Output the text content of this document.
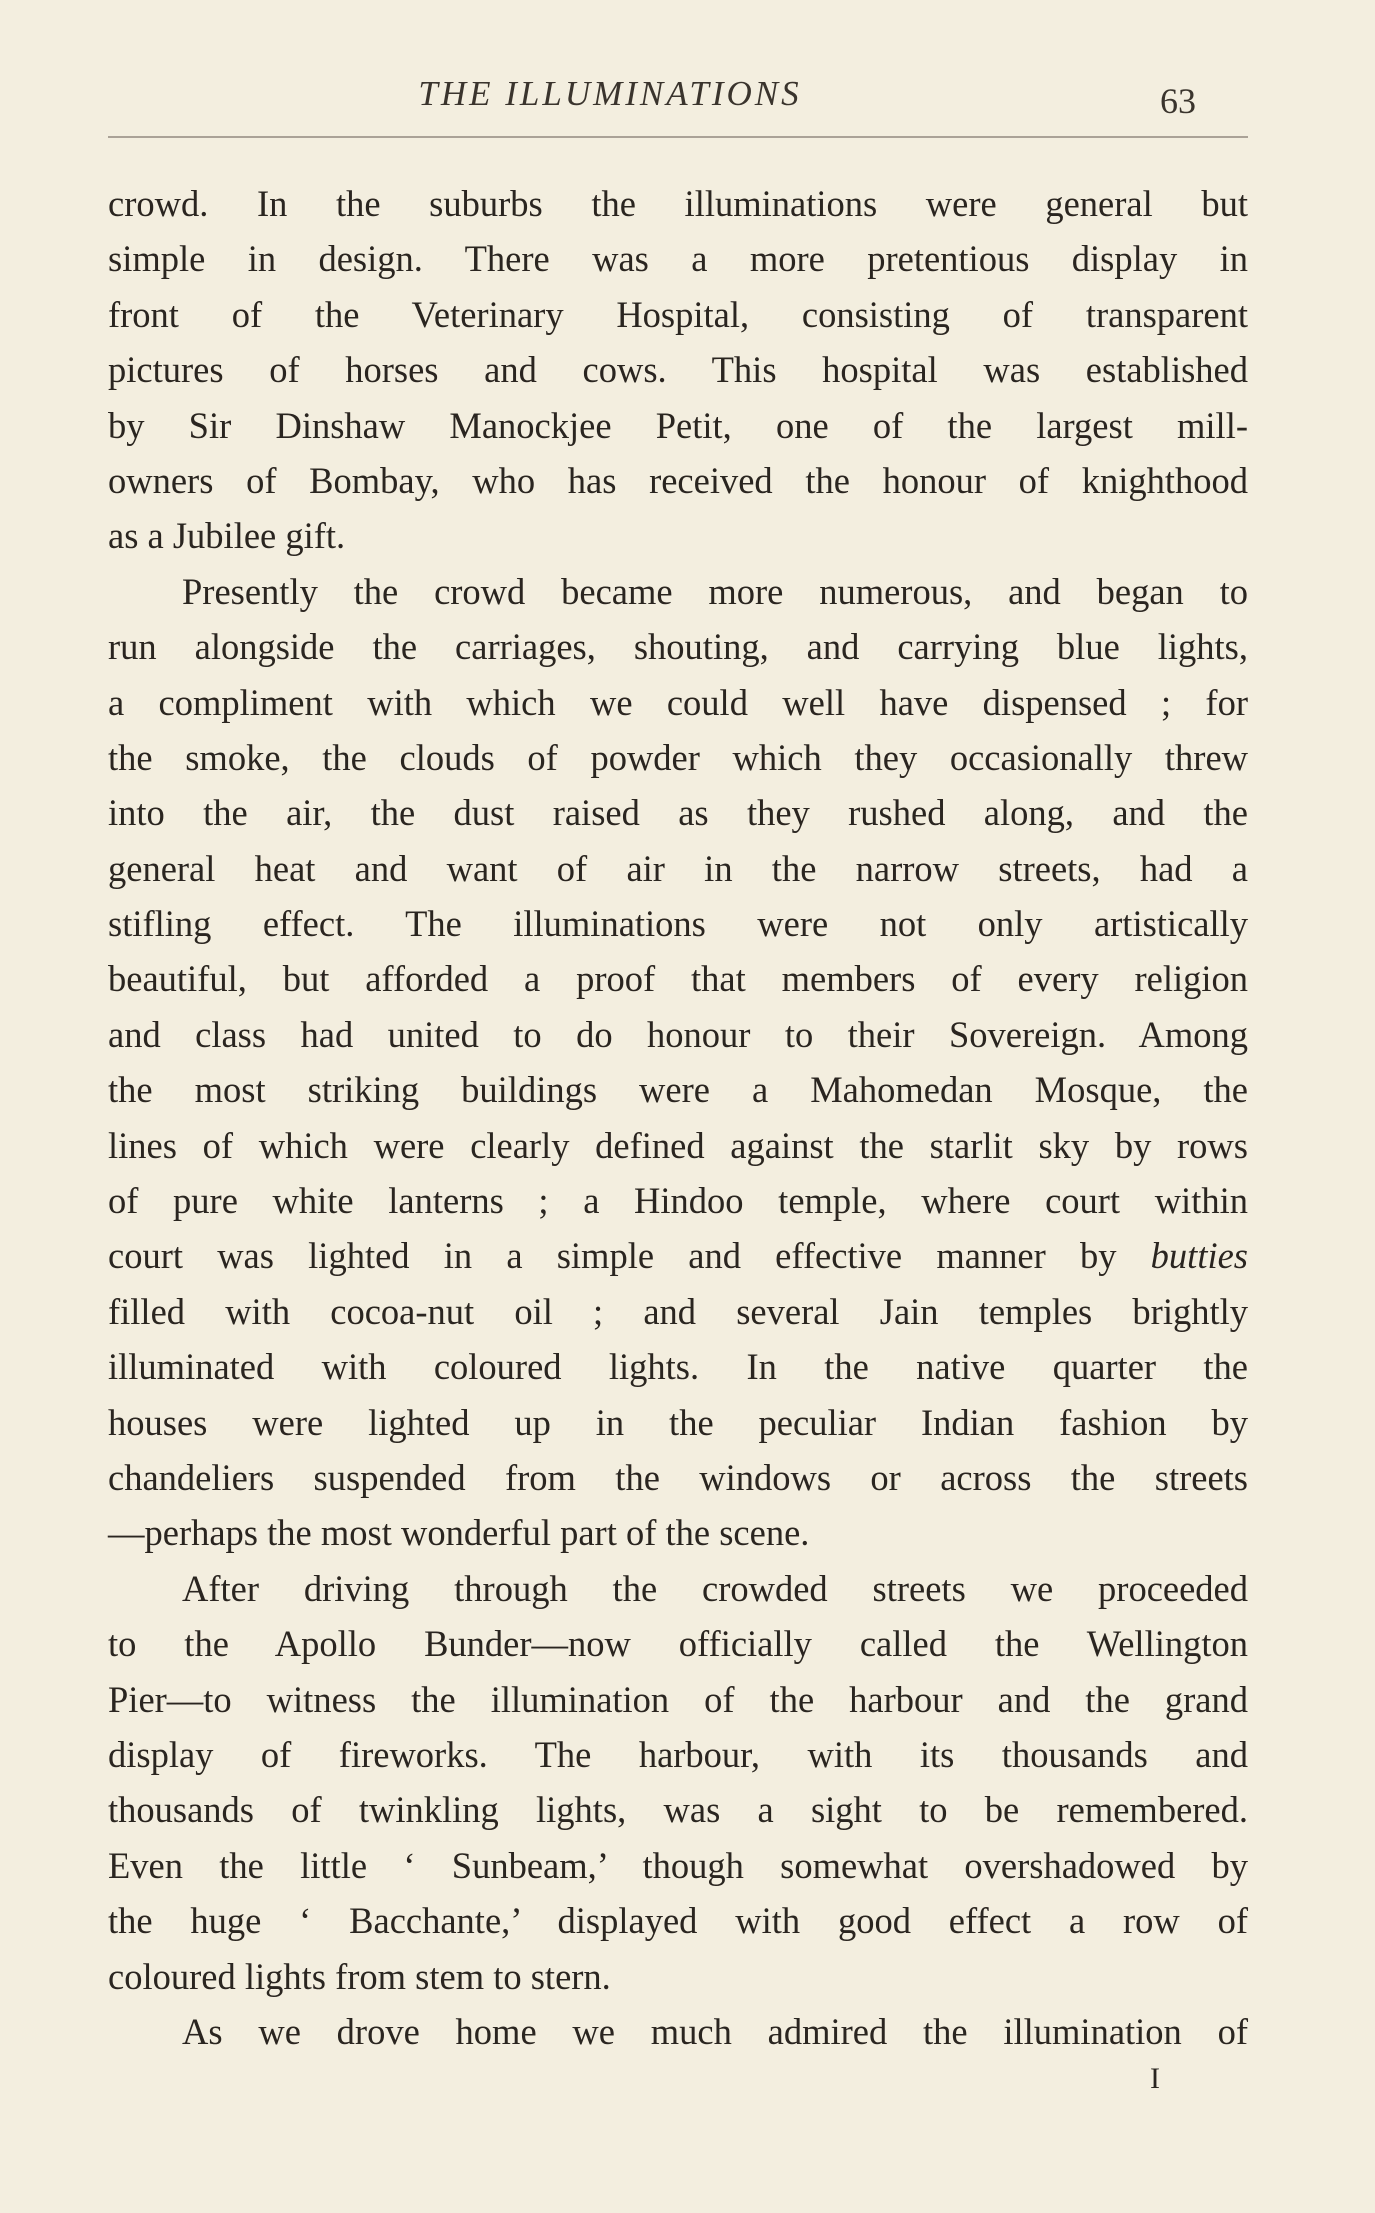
THE ILLUMINATIONS	63
crowd. In the suburbs the illuminations were general but
simple in design. There was a more pretentious display in
front of the Veterinary Hospital, consisting of transparent
pictures of horses and cows. This hospital was established
by Sir Dinshaw Manockjee Petit, one of the largest mill-
owners of Bombay, who has received the honour of knighthood
as a Jubilee gift.
Presently the crowd became more numerous, and began to
run alongside the carriages, shouting, and carrying blue lights,
a compliment with which we could well have dispensed ; for
the smoke, the clouds of powder which they occasionally threw
into the air, the dust raised as they rushed along, and the
general heat and want of air in the narrow streets, had a
stifling effect. The illuminations were not only artistically
beautiful, but afforded a proof that members of every religion
and class had united to do honour to their Sovereign. Among
the most striking buildings were a Mahomedan Mosque, the
lines of which were clearly defined against the starlit sky by rows
of pure white lanterns ; a Hindoo temple, where court within
court was lighted in a simple and effective manner by butties
filled with cocoa-nut oil ; and several Jain temples brightly
illuminated with coloured lights. In the native quarter the
houses were lighted up in the peculiar Indian fashion by
chandeliers suspended from the windows or across the streets
—perhaps the most wonderful part of the scene.
After driving through the crowded streets we proceeded
to the Apollo Bunder—now officially called the Wellington
Pier—to witness the illumination of the harbour and the grand
display of fireworks. The harbour, with its thousands and
thousands of twinkling lights, was a sight to be remembered.
Even the little ‘ Sunbeam,’ though somewhat overshadowed by
the huge ‘ Bacchante,’ displayed with good effect a row of
coloured lights from stem to stern.
As we drove home we much admired the illumination of
I
